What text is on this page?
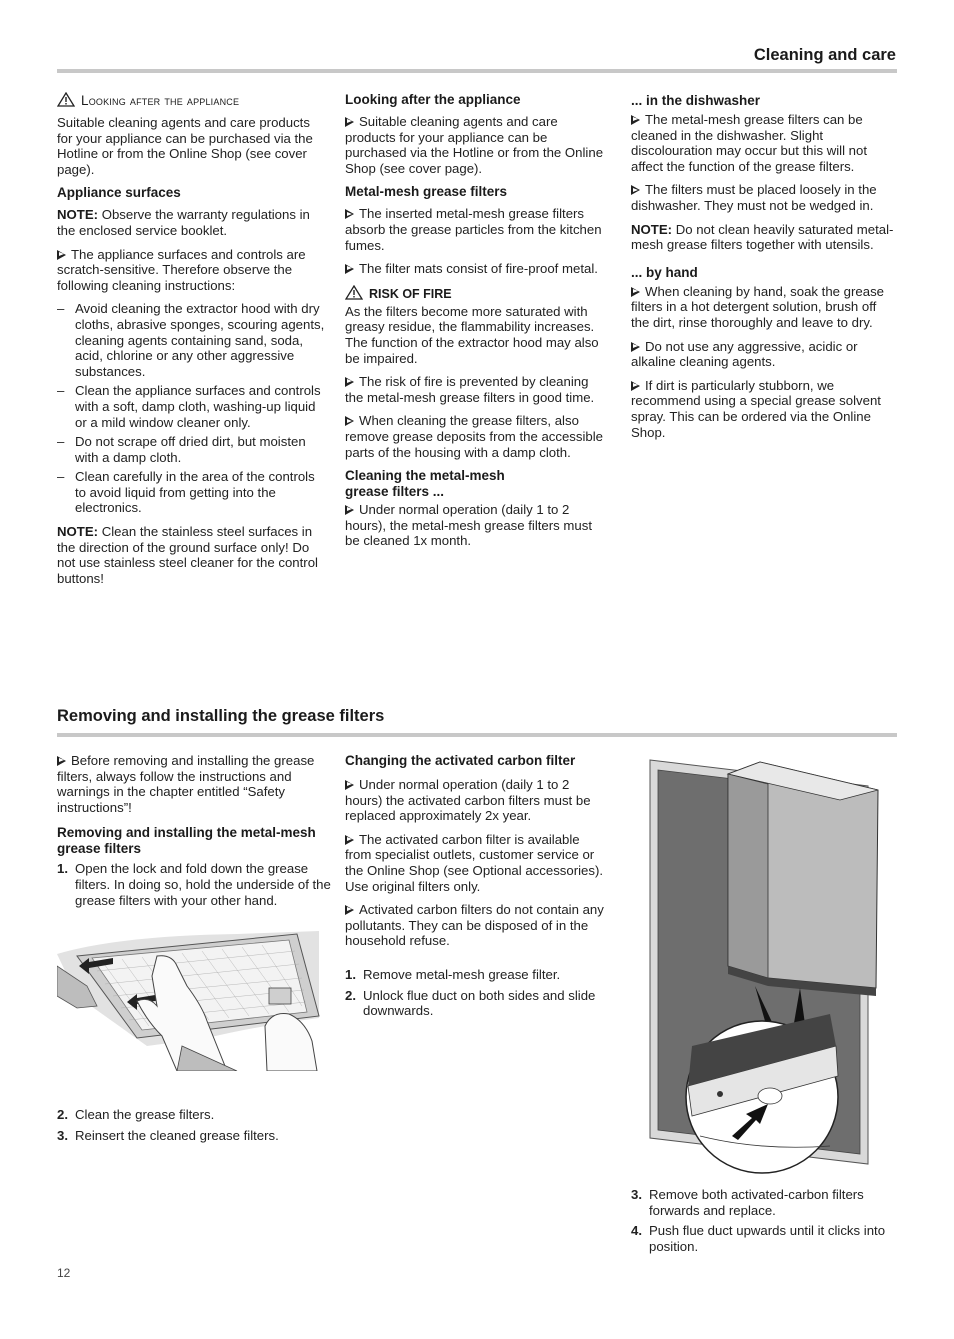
Cleaning and care
Looking after the appliance

Suitable cleaning agents and care products for your appliance can be purchased via the Hotline or from the Online Shop (see cover page).

Appliance surfaces

NOTE: Observe the warranty regulations in the enclosed service booklet.

The appliance surfaces and controls are scratch-sensitive. Therefore observe the following cleaning instructions:

– Avoid cleaning the extractor hood with dry cloths, abrasive sponges, scouring agents, cleaning agents containing sand, soda, acid, chlorine or any other aggressive substances.
– Clean the appliance surfaces and controls with a soft, damp cloth, washing-up liquid or a mild window cleaner only.
– Do not scrape off dried dirt, but moisten with a damp cloth.
– Clean carefully in the area of the controls to avoid liquid from getting into the electronics.

NOTE: Clean the stainless steel surfaces in the direction of the ground surface only! Do not use stainless steel cleaner for the control buttons!

Looking after the appliance

Suitable cleaning agents and care products for your appliance can be purchased via the Hotline or from the Online Shop (see cover page).

Metal-mesh grease filters

The inserted metal-mesh grease filters absorb the grease particles from the kitchen fumes.

The filter mats consist of fire-proof metal.

RISK OF FIRE

As the filters become more saturated with greasy residue, the flammability increases. The function of the extractor hood may also be impaired.

The risk of fire is prevented by cleaning the metal-mesh grease filters in good time.

When cleaning the grease filters, also remove grease deposits from the accessible parts of the housing with a damp cloth.

Cleaning the metal-mesh
grease filters ...

Under normal operation (daily 1 to 2 hours), the metal-mesh grease filters must be cleaned 1x month.

... in the dishwasher

The metal-mesh grease filters can be cleaned in the dishwasher. Slight discolouration may occur but this will not affect the function of the grease filters.

The filters must be placed loosely in the dishwasher. They must not be wedged in.

NOTE: Do not clean heavily saturated metal-mesh grease filters together with utensils.

... by hand

When cleaning by hand, soak the grease filters in a hot detergent solution, brush off the dirt, rinse thoroughly and leave to dry.

Do not use any aggressive, acidic or alkaline cleaning agents.

If dirt is particularly stubborn, we recommend using a special grease solvent spray. This can be ordered via the Online Shop.

Removing and installing the grease filters

Before removing and installing the grease filters, always follow the instructions and warnings in the chapter entitled “Safety instructions”!

Removing and installing the metal-mesh grease filters
1. Open the lock and fold down the grease filters. In doing so, hold the underside of the grease filters with your other hand.
2. Clean the grease filters.
3. Reinsert the cleaned grease filters.
Changing the activated carbon filter

Under normal operation (daily 1 to 2 hours) the activated carbon filters must be replaced approximately 2x year.

The activated carbon filter is available from specialist outlets, customer service or the Online Shop (see Optional accessories). Use original filters only.

Activated carbon filters do not contain any pollutants. They can be disposed of in the household refuse.

1. Remove metal-mesh grease filter.
2. Unlock flue duct on both sides and slide downwards.
3. Remove both activated-carbon filters forwards and replace.
4. Push flue duct upwards until it clicks into position.
12
